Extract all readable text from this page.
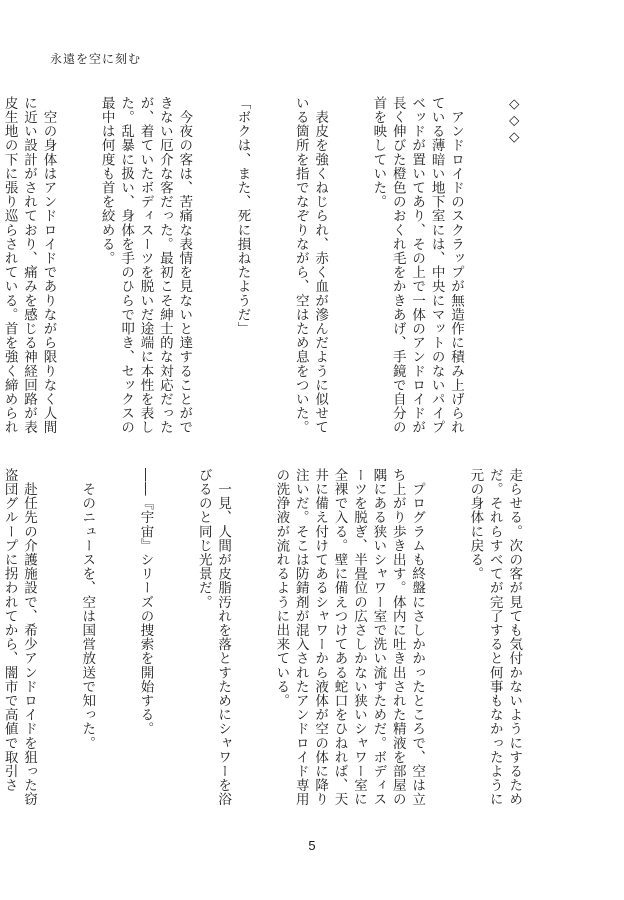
永遠を空に刻む

◇◇◇

　アンドロイドのスクラップが無造作に積み上げられている薄暗い地下室には、中央にマットのないパイプベッドが置いてあり、その上で一体のアンドロイドが長く伸びた橙色のおくれ毛をかきあげ、手鏡で自分の首を映していた。

　表皮を強くねじられ、赤く血が滲んだように似せている箇所を指でなぞりながら、空はため息をついた。

「ボクは、また、死に損ねたようだ」

　今夜の客は、苦痛な表情を見ないと達することができない厄介な客だった。最初こそ紳士的な対応だったが、着ていたボディスーツを脱いだ途端に本性を表した。乱暴に扱い、身体を手のひらで叩き、セックスの最中は何度も首を絞める。

　空の身体はアンドロイドでありながら限りなく人間に近い設計がされており、痛みを感じる神経回路が表皮生地の下に張り巡らされている。首を強く締められ

走らせる。次の客が見ても気付かないようにするためだ。それらすべてが完了すると何事もなかったように元の身体に戻る。

　プログラムも終盤にさしかかったところで、空は立ち上がり歩き出す。体内に吐き出された精液を部屋の隅にある狭いシャワー室で洗い流すためだ。ボディスーツを脱ぎ、半畳位の広さしかない狭いシャワー室に全裸で入る。壁に備えつけてある蛇口をひねれば、天井に備え付けてあるシャワーから液体が空の体に降り注いだ。そこは防錆剤が混入されたアンドロイド専用の洗浄液が流れるように出来ている。

　一見、人間が皮脂汚れを落とすためにシャワーを浴びるのと同じ光景だ。

――『宇宙』シリーズの捜索を開始する。

　そのニュースを、空は国営放送で知った。

　赴任先の介護施設で、希少アンドロイドを狙った窃盗団グループに拐われてから、闇市で高値で取引さ

5
